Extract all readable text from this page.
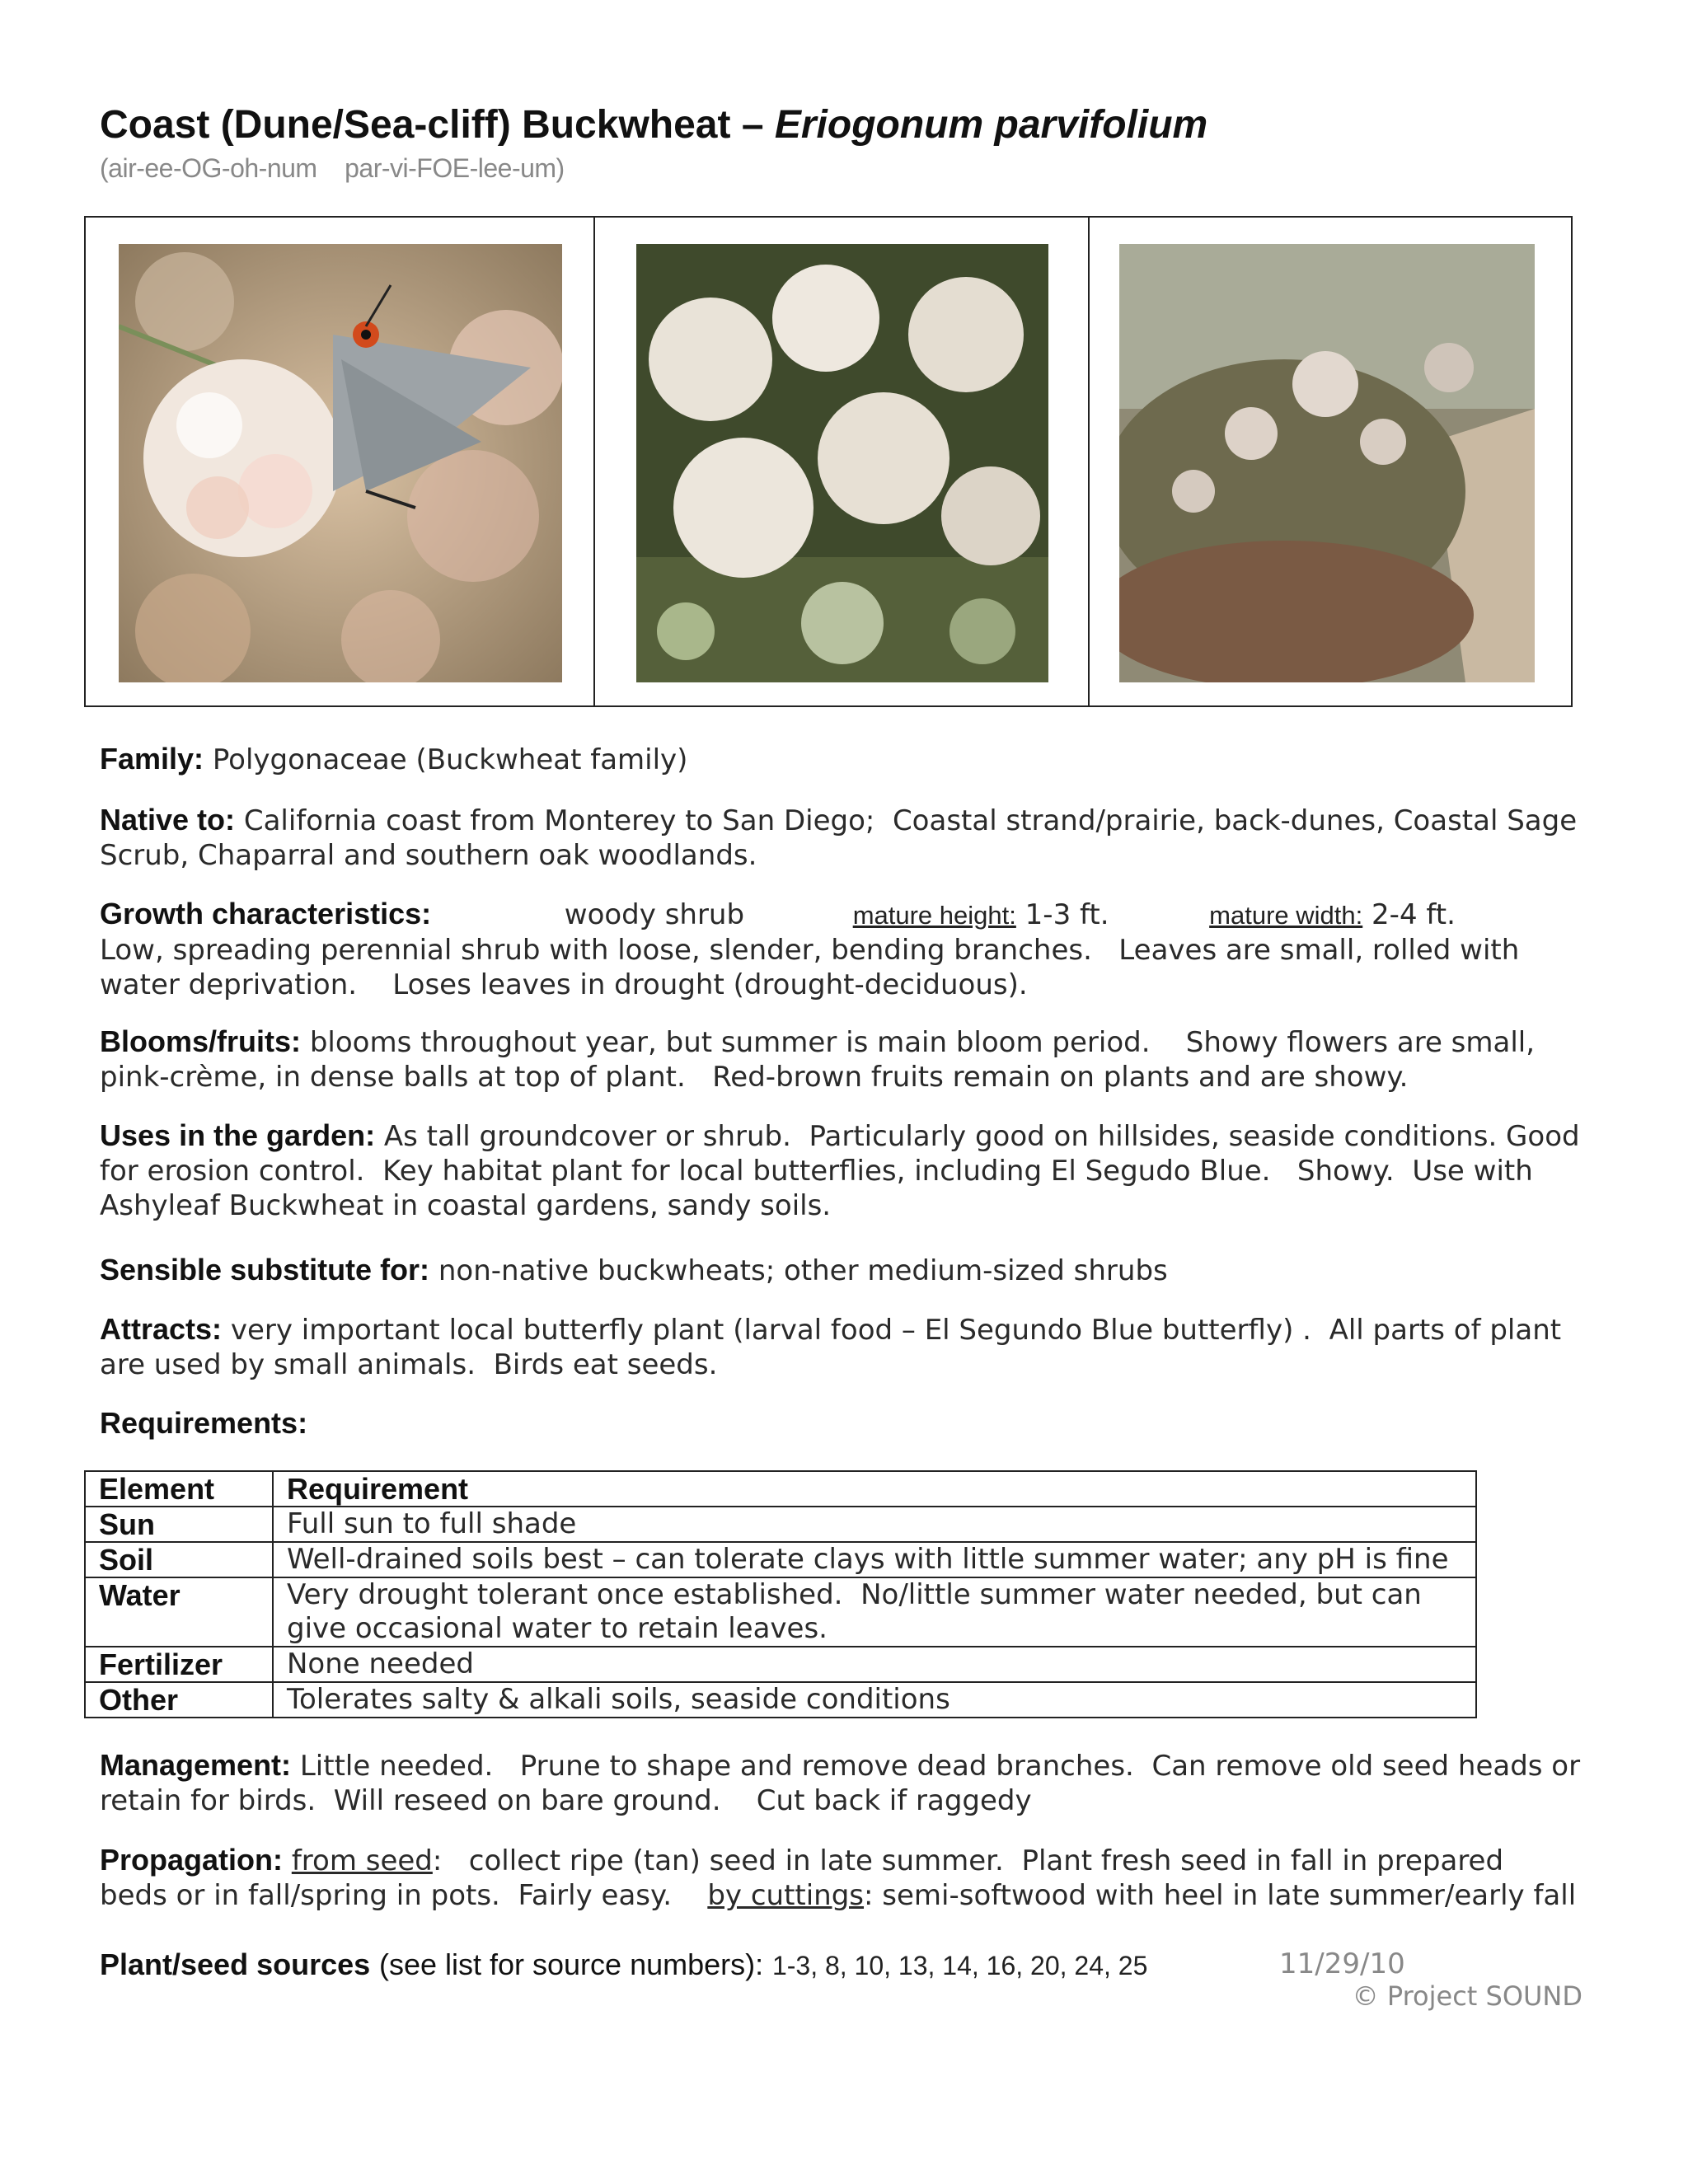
Coast (Dune/Sea-cliff) Buckwheat – Eriogonum parvifolium
(air-ee-OG-oh-num    par-vi-FOE-lee-um)
Family: Polygonaceae (Buckwheat family)
Native to: California coast from Monterey to San Diego;  Coastal strand/prairie, back-dunes, Coastal Sage
Scrub, Chaparral and southern oak woodlands.
Growth characteristics:	woody shrub	mature height: 1-3 ft.	mature width: 2-4 ft.
Low, spreading perennial shrub with loose, slender, bending branches.   Leaves are small, rolled with
water deprivation.    Loses leaves in drought (drought-deciduous).
Blooms/fruits: blooms throughout year, but summer is main bloom period.    Showy flowers are small,
pink-crème, in dense balls at top of plant.   Red-brown fruits remain on plants and are showy.
Uses in the garden: As tall groundcover or shrub.  Particularly good on hillsides, seaside conditions. Good
for erosion control.  Key habitat plant for local butterflies, including El Segudo Blue.   Showy.  Use with
Ashyleaf Buckwheat in coastal gardens, sandy soils.
Sensible substitute for: non-native buckwheats; other medium-sized shrubs
Attracts: very important local butterfly plant (larval food – El Segundo Blue butterfly) .  All parts of plant
are used by small animals.  Birds eat seeds.
Requirements:
Element	Requirement
Sun	Full sun to full shade
Soil	Well-drained soils best – can tolerate clays with little summer water; any pH is fine
Water	Very drought tolerant once established.  No/little summer water needed, but can
give occasional water to retain leaves.

Fertilizer	None needed
Other	Tolerates salty & alkali soils, seaside conditions
Management: Little needed.   Prune to shape and remove dead branches.  Can remove old seed heads or
retain for birds.  Will reseed on bare ground.    Cut back if raggedy
Propagation: from seed:   collect ripe (tan) seed in late summer.  Plant fresh seed in fall in prepared
beds or in fall/spring in pots.  Fairly easy.    by cuttings: semi-softwood with heel in late summer/early fall
Plant/seed sources (see list for source numbers): 1-3, 8, 10, 13, 14, 16, 20, 24, 25	11/29/10
© Project SOUND
